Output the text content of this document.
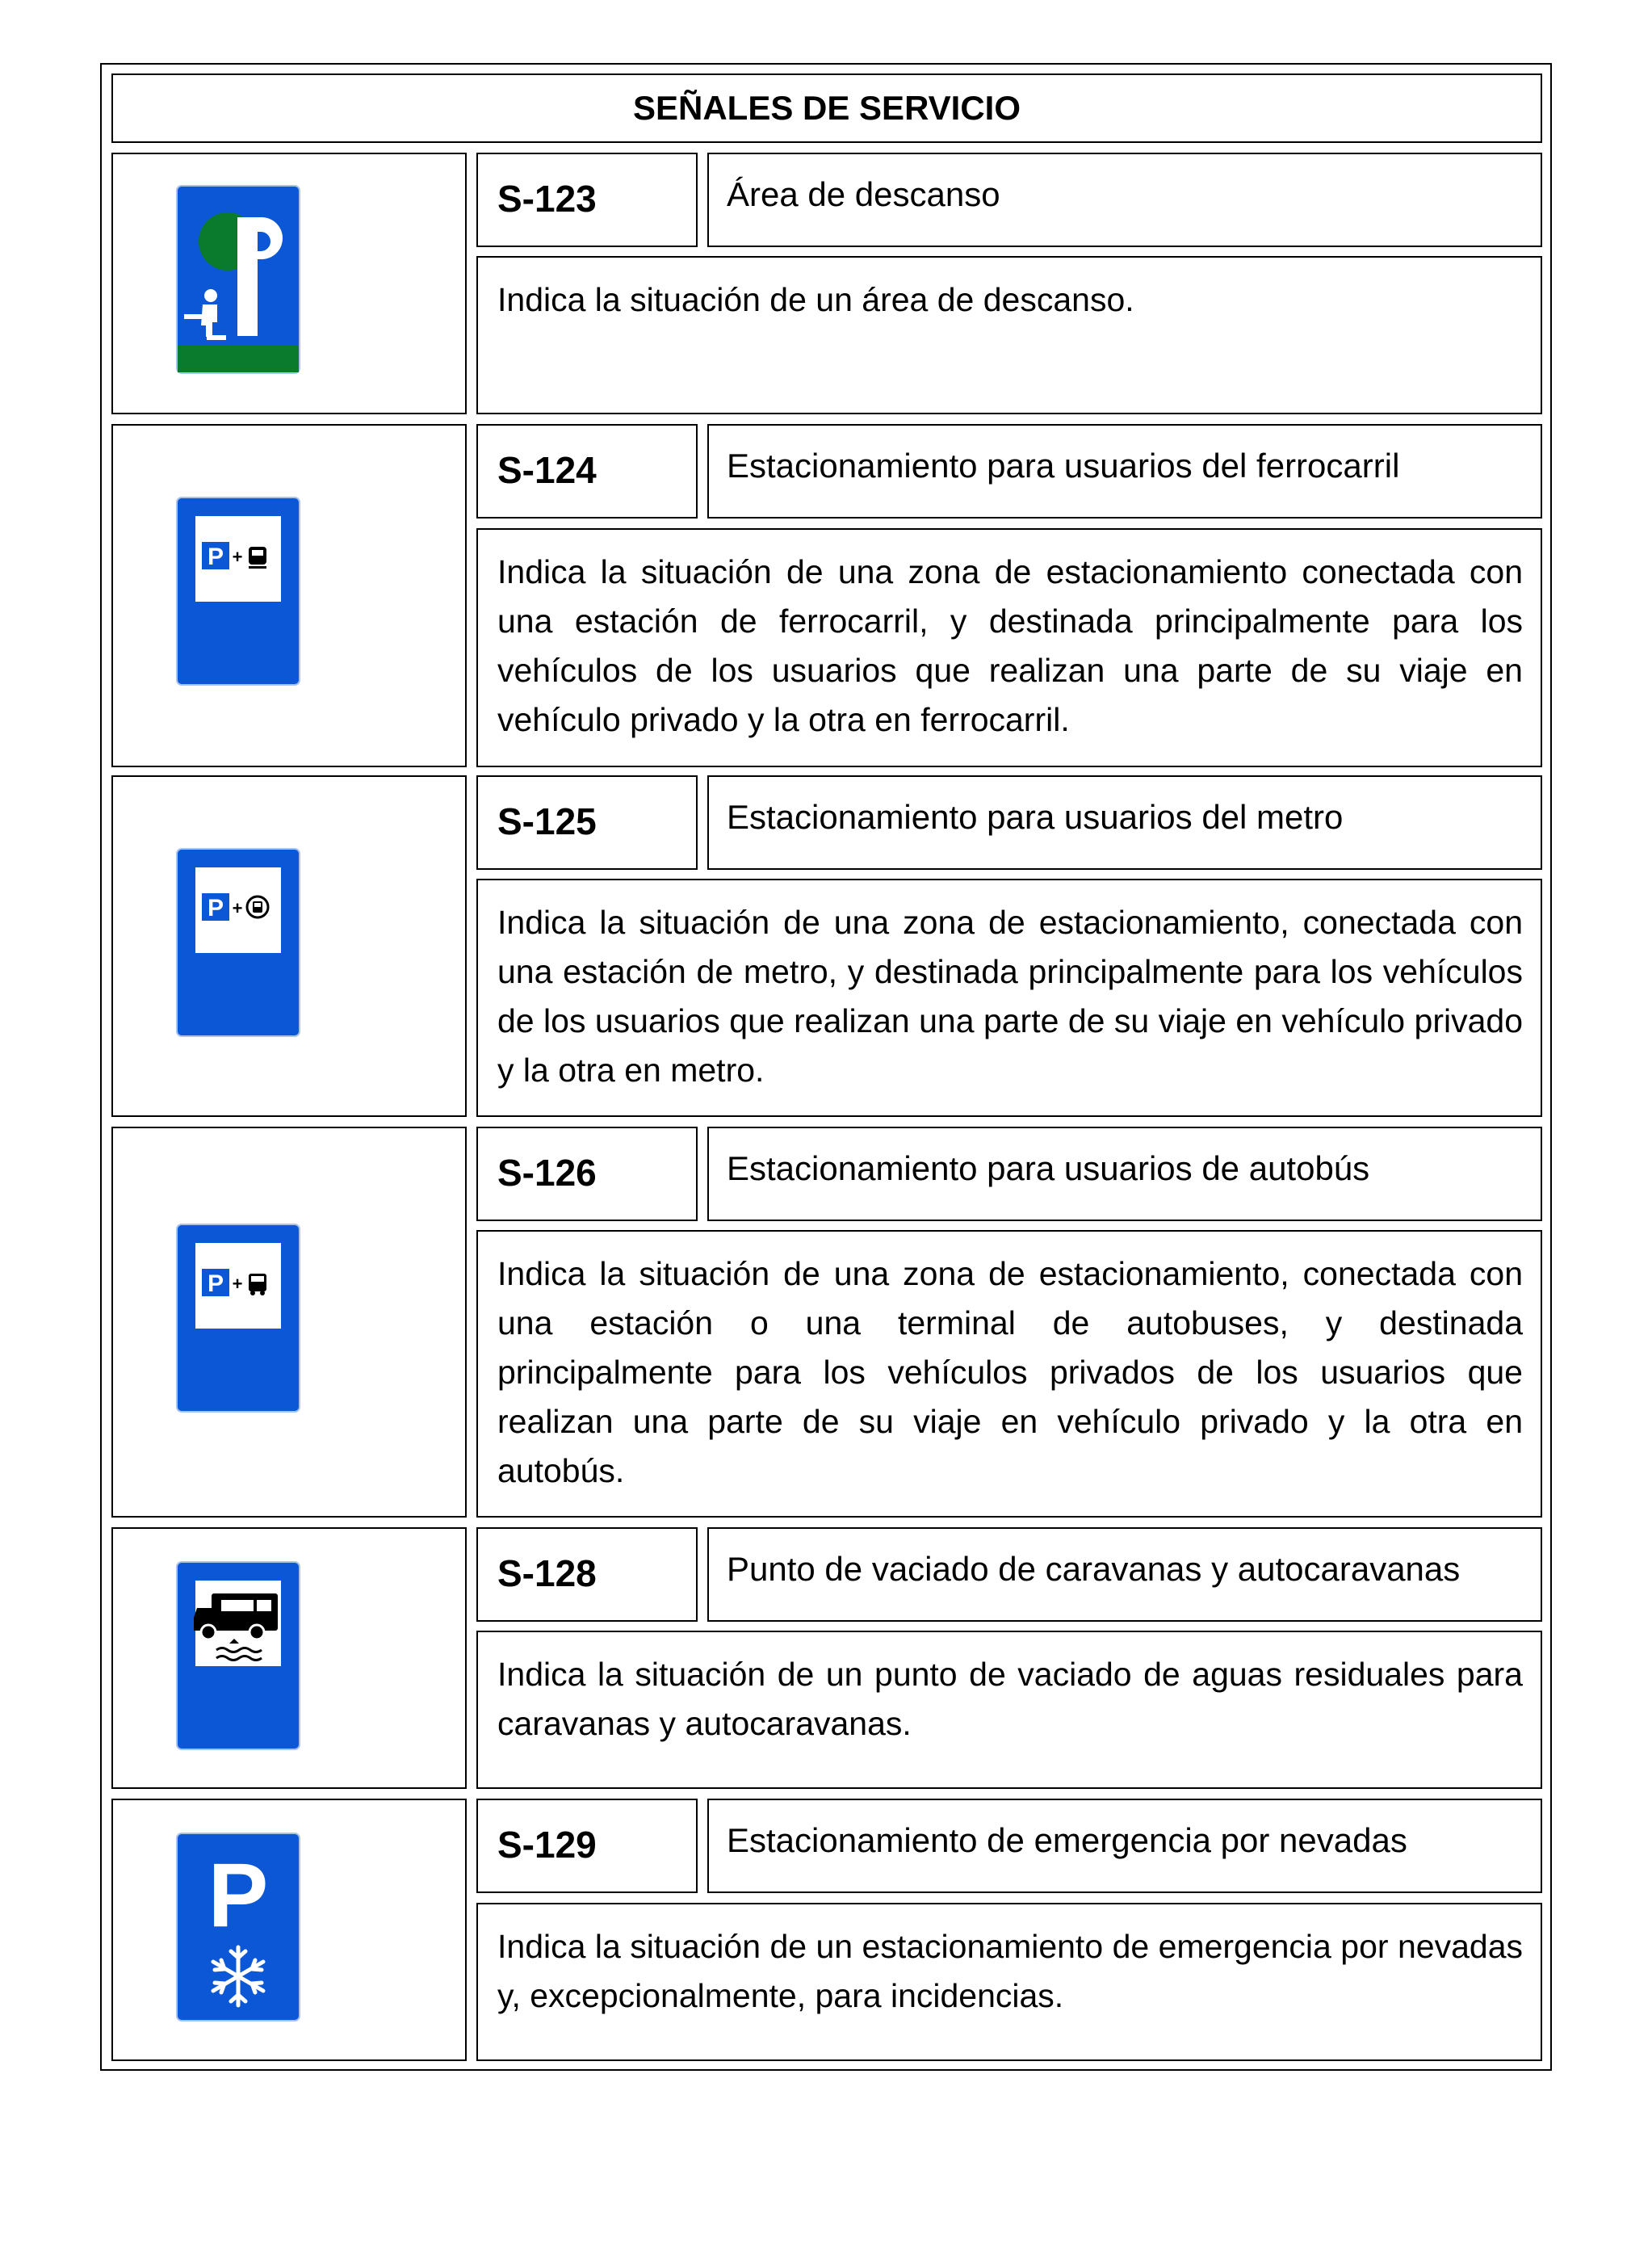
SEÑALES DE SERVICIO
S-123	Área de descanso
Indica la situación de un área de descanso.
P +
S-124	Estacionamiento para usuarios del ferrocarril
Indica la situación de una zona de estacionamiento conectada con una estación de ferrocarril, y destinada principalmente para los vehículos de los usuarios que realizan una parte de su viaje en vehículo privado y la otra en ferrocarril.
P +
S-125	Estacionamiento para usuarios del metro
Indica la situación de una zona de estacionamiento, conectada con una estación de metro, y destinada principalmente para los vehículos de los usuarios que realizan una parte de su viaje en vehículo privado y la otra en metro.
P +
S-126	Estacionamiento para usuarios de autobús
Indica la situación de una zona de estacionamiento, conectada con una estación o una terminal de autobuses, y destinada principalmente para los vehículos privados de los usuarios que realizan una parte de su viaje en vehículo privado y la otra en autobús.
S-128	Punto de vaciado de caravanas y autocaravanas
Indica la situación de un punto de vaciado de aguas residuales para caravanas y autocaravanas.
P	S-129	Estacionamiento de emergencia por nevadas
Indica la situación de un estacionamiento de emergencia por nevadas y, excepcionalmente, para incidencias.
